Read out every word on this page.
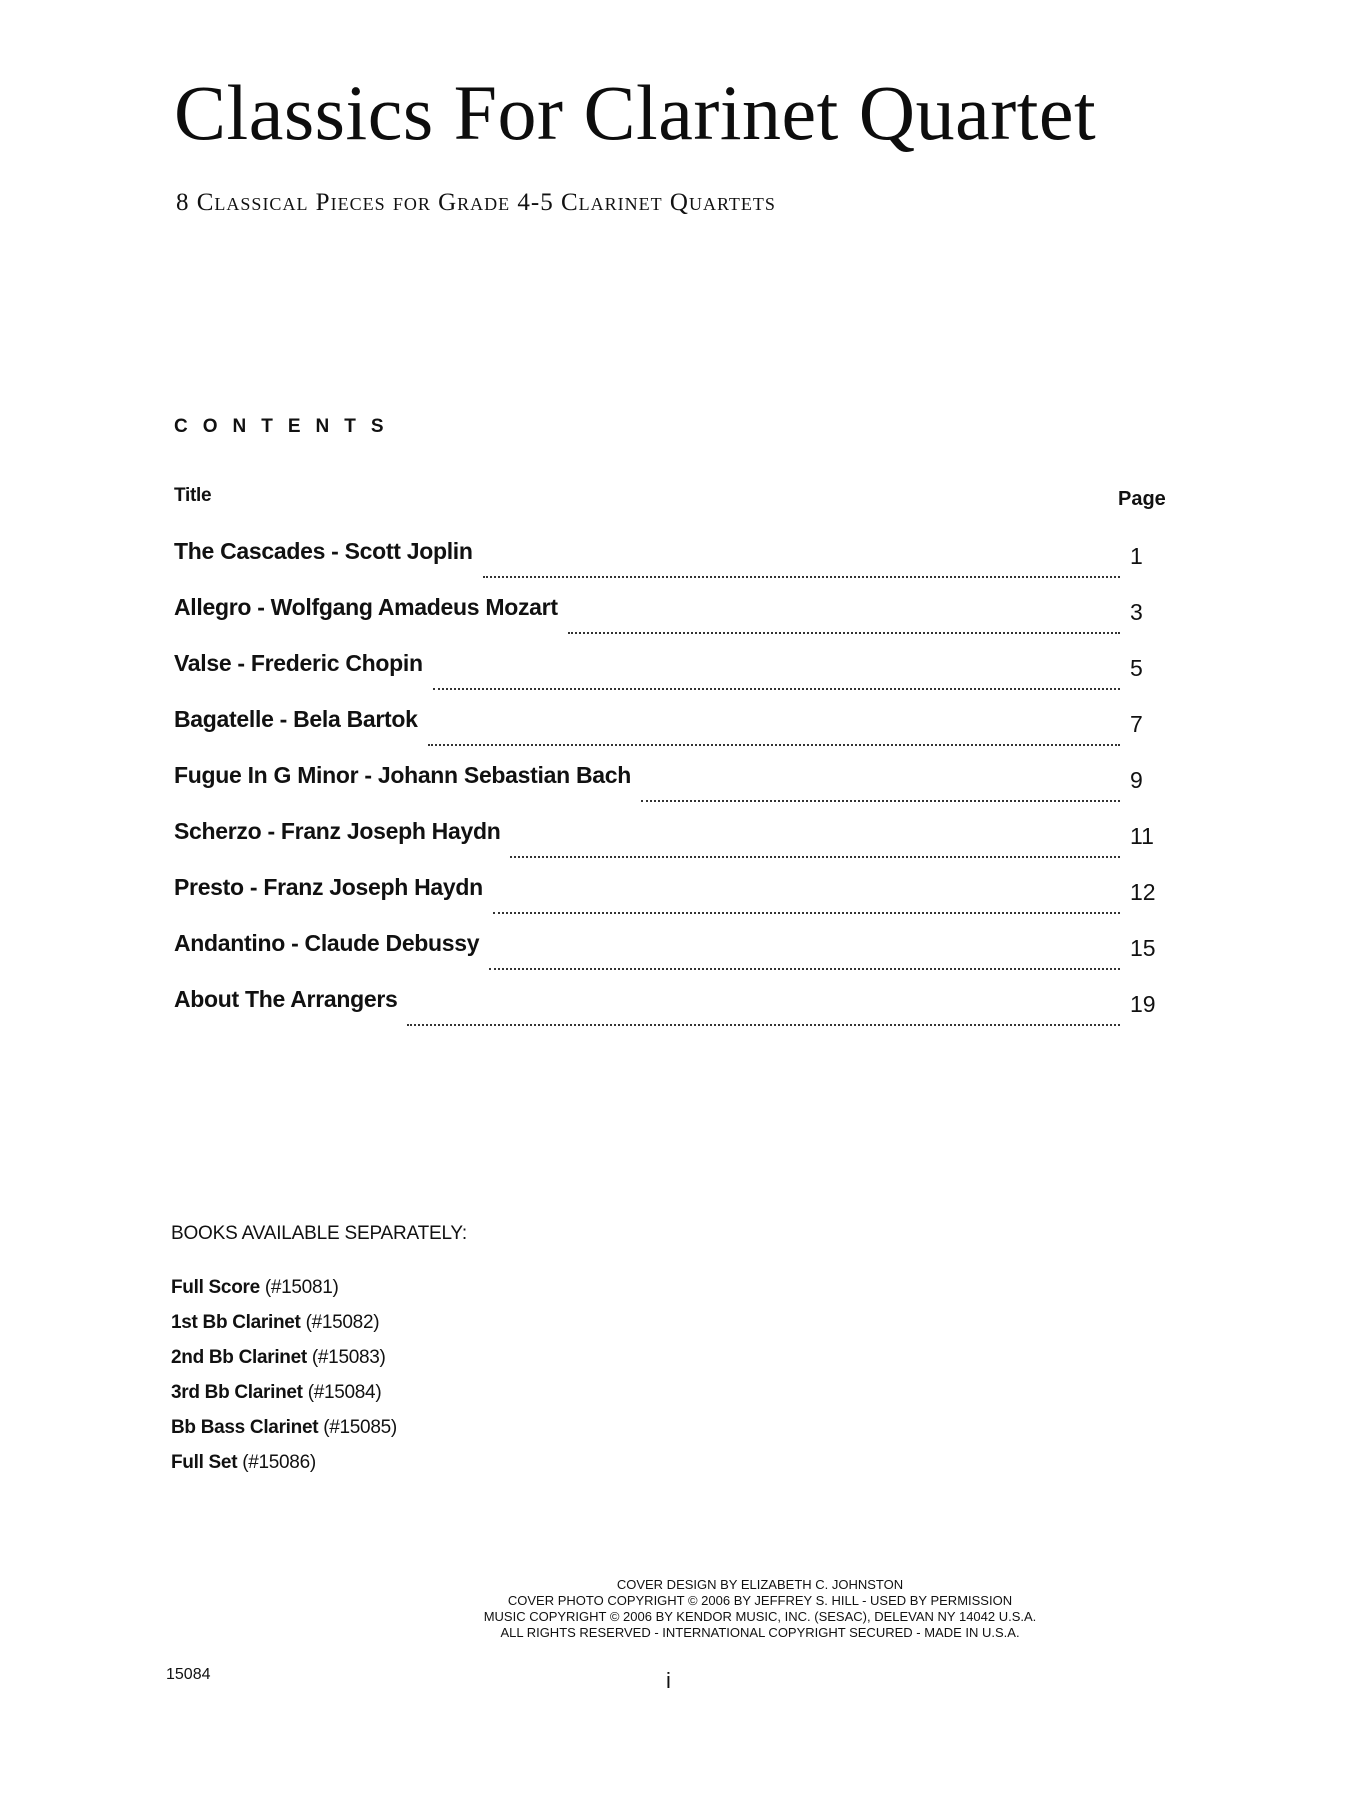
Classics For Clarinet Quartet
8 Classical Pieces for Grade 4-5 Clarinet Quartets
CONTENTS
Title	Page
The Cascades - Scott Joplin	1
Allegro - Wolfgang Amadeus Mozart	3
Valse - Frederic Chopin	5
Bagatelle - Bela Bartok	7
Fugue In G Minor - Johann Sebastian Bach	9
Scherzo - Franz Joseph Haydn	11
Presto - Franz Joseph Haydn	12
Andantino - Claude Debussy	15
About The Arrangers	19
BOOKS AVAILABLE SEPARATELY:
Full Score (#15081)
1st Bb Clarinet (#15082)
2nd Bb Clarinet (#15083)
3rd Bb Clarinet (#15084)
Bb Bass Clarinet (#15085)
Full Set (#15086)
COVER DESIGN BY ELIZABETH C. JOHNSTON
COVER PHOTO COPYRIGHT © 2006 BY JEFFREY S. HILL - USED BY PERMISSION
MUSIC COPYRIGHT © 2006 BY KENDOR MUSIC, INC. (SESAC), DELEVAN NY 14042 U.S.A.
ALL RIGHTS RESERVED - INTERNATIONAL COPYRIGHT SECURED - MADE IN U.S.A.
15084	i
